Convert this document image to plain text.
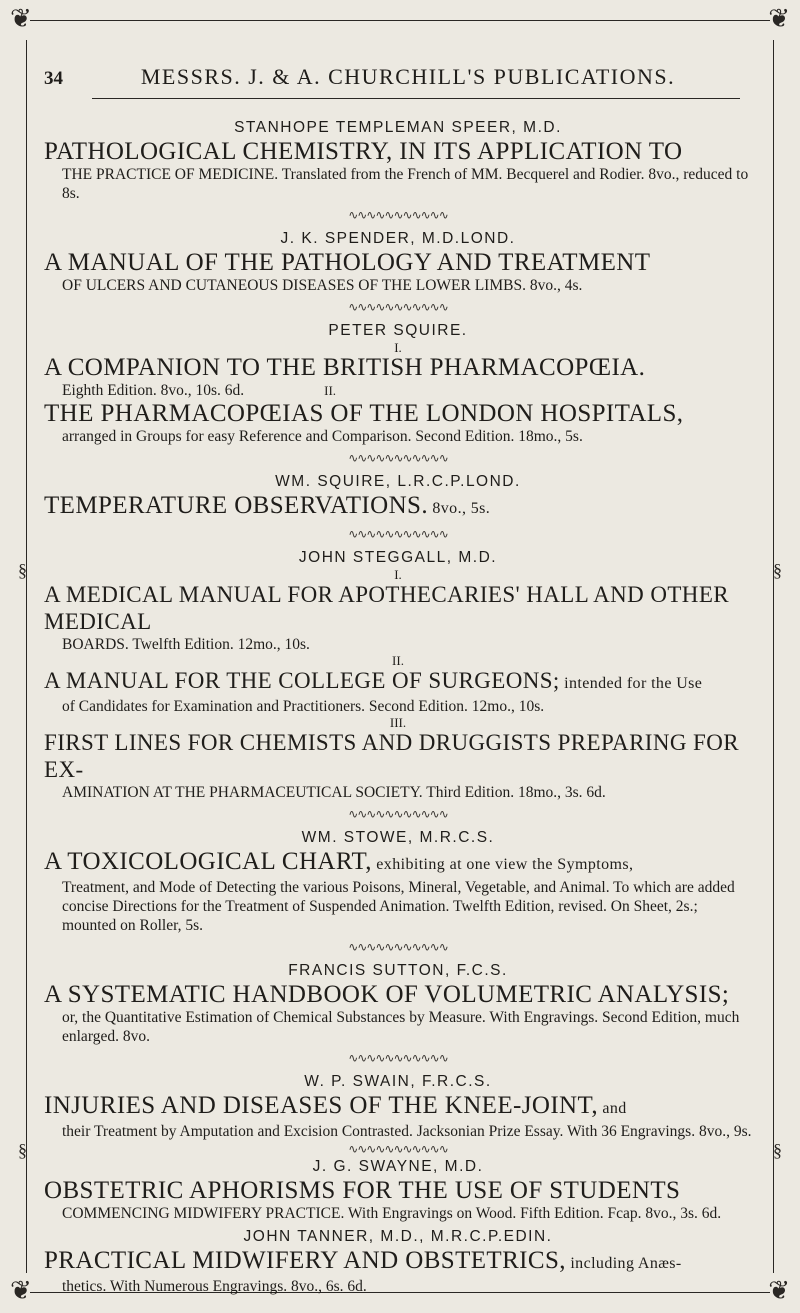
❦	❦
❦	❦
§	§
§	§
34	MESSRS. J. & A. CHURCHILL'S PUBLICATIONS.
STANHOPE TEMPLEMAN SPEER, M.D.
PATHOLOGICAL CHEMISTRY, IN ITS APPLICATION TO
THE PRACTICE OF MEDICINE. Translated from the French of MM. Becquerel and Rodier. 8vo., reduced to 8s.
∿∿∿∿∿∿∿∿∿∿∿
J. K. SPENDER, M.D.LOND.
A MANUAL OF THE PATHOLOGY AND TREATMENT
OF ULCERS AND CUTANEOUS DISEASES OF THE LOWER LIMBS. 8vo., 4s.
∿∿∿∿∿∿∿∿∿∿∿
PETER SQUIRE.
I.
A COMPANION TO THE BRITISH PHARMACOPŒIA.
Eighth Edition. 8vo., 10s. 6d.	$^{II.}$
THE PHARMACOPŒIAS OF THE LONDON HOSPITALS,
arranged in Groups for easy Reference and Comparison. Second Edition. 18mo., 5s.
∿∿∿∿∿∿∿∿∿∿∿
WM. SQUIRE, L.R.C.P.LOND.
TEMPERATURE OBSERVATIONS. 8vo., 5s.
∿∿∿∿∿∿∿∿∿∿∿
JOHN STEGGALL, M.D.
I.
A MEDICAL MANUAL FOR APOTHECARIES' HALL AND OTHER MEDICAL
BOARDS. Twelfth Edition. 12mo., 10s.
II.
A MANUAL FOR THE COLLEGE OF SURGEONS; intended for the Use
of Candidates for Examination and Practitioners. Second Edition. 12mo., 10s.
III.
FIRST LINES FOR CHEMISTS AND DRUGGISTS PREPARING FOR EX-
AMINATION AT THE PHARMACEUTICAL SOCIETY. Third Edition. 18mo., 3s. 6d.
∿∿∿∿∿∿∿∿∿∿∿
WM. STOWE, M.R.C.S.
A TOXICOLOGICAL CHART, exhibiting at one view the Symptoms,
Treatment, and Mode of Detecting the various Poisons, Mineral, Vegetable, and Animal. To which are added concise Directions for the Treatment of Suspended Animation. Twelfth Edition, revised. On Sheet, 2s.; mounted on Roller, 5s.
∿∿∿∿∿∿∿∿∿∿∿
FRANCIS SUTTON, F.C.S.
A SYSTEMATIC HANDBOOK OF VOLUMETRIC ANALYSIS;
or, the Quantitative Estimation of Chemical Substances by Measure. With Engravings. Second Edition, much enlarged. 8vo.
∿∿∿∿∿∿∿∿∿∿∿
W. P. SWAIN, F.R.C.S.
INJURIES AND DISEASES OF THE KNEE-JOINT, and
their Treatment by Amputation and Excision Contrasted. Jacksonian Prize Essay. With 36 Engravings. 8vo., 9s.
∿∿∿∿∿∿∿∿∿∿∿
J. G. SWAYNE, M.D.
OBSTETRIC APHORISMS FOR THE USE OF STUDENTS
COMMENCING MIDWIFERY PRACTICE. With Engravings on Wood. Fifth Edition. Fcap. 8vo., 3s. 6d.
JOHN TANNER, M.D., M.R.C.P.EDIN.
PRACTICAL MIDWIFERY AND OBSTETRICS, including Anæs-
thetics. With Numerous Engravings. 8vo., 6s. 6d.
